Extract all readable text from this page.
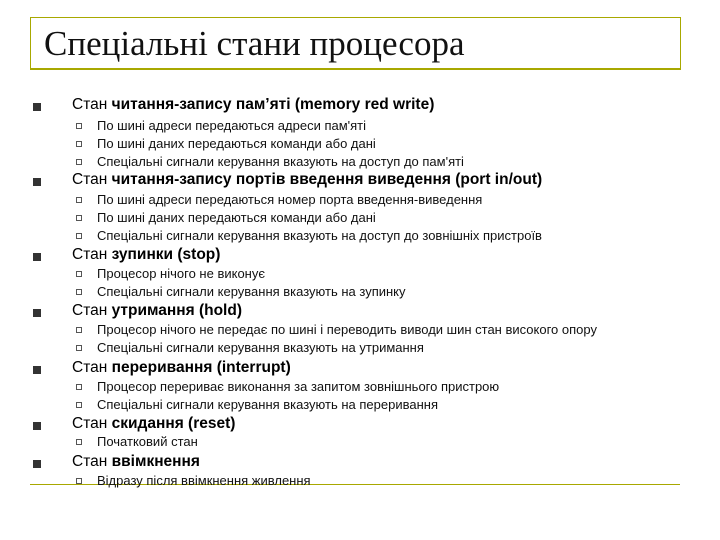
Спеціальні стани процесора
Стан читання-запису пам’яті (memory red write)
По шині адреси передаються адреси пам'яті
По шині даних передаються команди або дані
Спеціальні сигнали керування вказують на доступ до пам'яті
Стан читання-запису портів введення виведення (port in/out)
По шині адреси передаються номер порта введення-виведення
По шині даних передаються команди або дані
Спеціальні сигнали керування вказують на доступ до зовнішніх пристроїв
Стан зупинки (stop)
Процесор нічого не виконує
Спеціальні сигнали керування вказують на зупинку
Стан утримання (hold)
Процесор нічого не передає по шині і переводить виводи шин стан високого опору
Спеціальні сигнали керування вказують на утримання
Стан переривання (interrupt)
Процесор перериває виконання за запитом зовнішнього пристрою
Спеціальні сигнали керування вказують на переривання
Стан скидання (reset)
Початковий стан
Стан ввімкнення
Відразу після ввімкнення живлення
